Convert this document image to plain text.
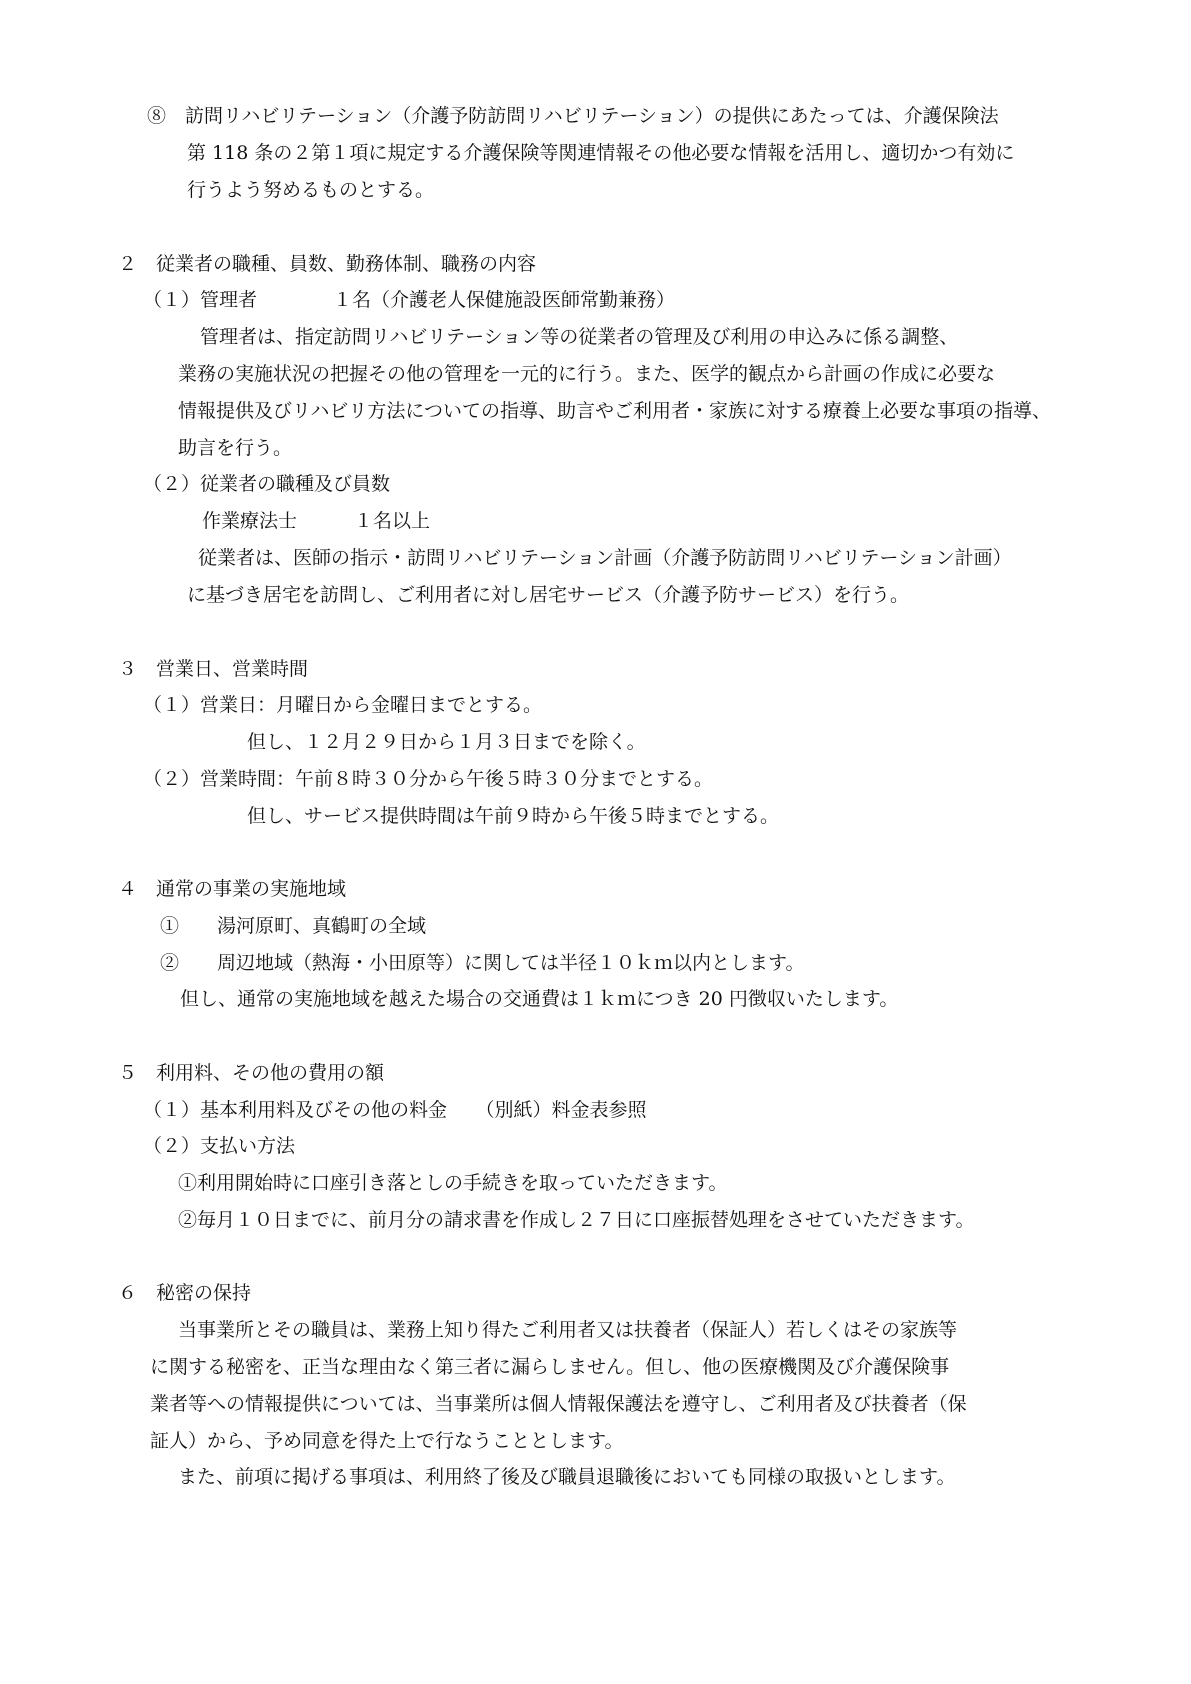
⑧　訪問リハビリテーション（介護予防訪問リハビリテーション）の提供にあたっては、介護保険法
第 118 条の２第１項に規定する介護保険等関連情報その他必要な情報を活用し、適切かつ有効に
行うよう努めるものとする。
２　従業者の職種、員数、勤務体制、職務の内容
（１）管理者　　　　１名（介護老人保健施設医師常勤兼務）
管理者は、指定訪問リハビリテーション等の従業者の管理及び利用の申込みに係る調整、
業務の実施状況の把握その他の管理を一元的に行う。また、医学的観点から計画の作成に必要な
情報提供及びリハビリ方法についての指導、助言やご利用者・家族に対する療養上必要な事項の指導、
助言を行う。
（２）従業者の職種及び員数
作業療法士　　　１名以上
従業者は、医師の指示・訪問リハビリテーション計画（介護予防訪問リハビリテーション計画）
に基づき居宅を訪問し、ご利用者に対し居宅サービス（介護予防サービス）を行う。
３　営業日、営業時間
（１）営業日：月曜日から金曜日までとする。
但し、１２月２９日から１月３日までを除く。
（２）営業時間：午前８時３０分から午後５時３０分までとする。
但し、サービス提供時間は午前９時から午後５時までとする。
４　通常の事業の実施地域
①　　湯河原町、真鶴町の全域
②　　周辺地域（熱海・小田原等）に関しては半径１０ｋｍ以内とします。
但し、通常の実施地域を越えた場合の交通費は１ｋｍにつき 20 円徴収いたします。
５　利用料、その他の費用の額
（１）基本利用料及びその他の料金　　（別紙）料金表参照
（２）支払い方法
①利用開始時に口座引き落としの手続きを取っていただきます。
②毎月１０日までに、前月分の請求書を作成し２７日に口座振替処理をさせていただきます。
６　秘密の保持
当事業所とその職員は、業務上知り得たご利用者又は扶養者（保証人）若しくはその家族等
に関する秘密を、正当な理由なく第三者に漏らしません。但し、他の医療機関及び介護保険事
業者等への情報提供については、当事業所は個人情報保護法を遵守し、ご利用者及び扶養者（保
証人）から、予め同意を得た上で行なうこととします。
また、前項に掲げる事項は、利用終了後及び職員退職後においても同様の取扱いとします。
